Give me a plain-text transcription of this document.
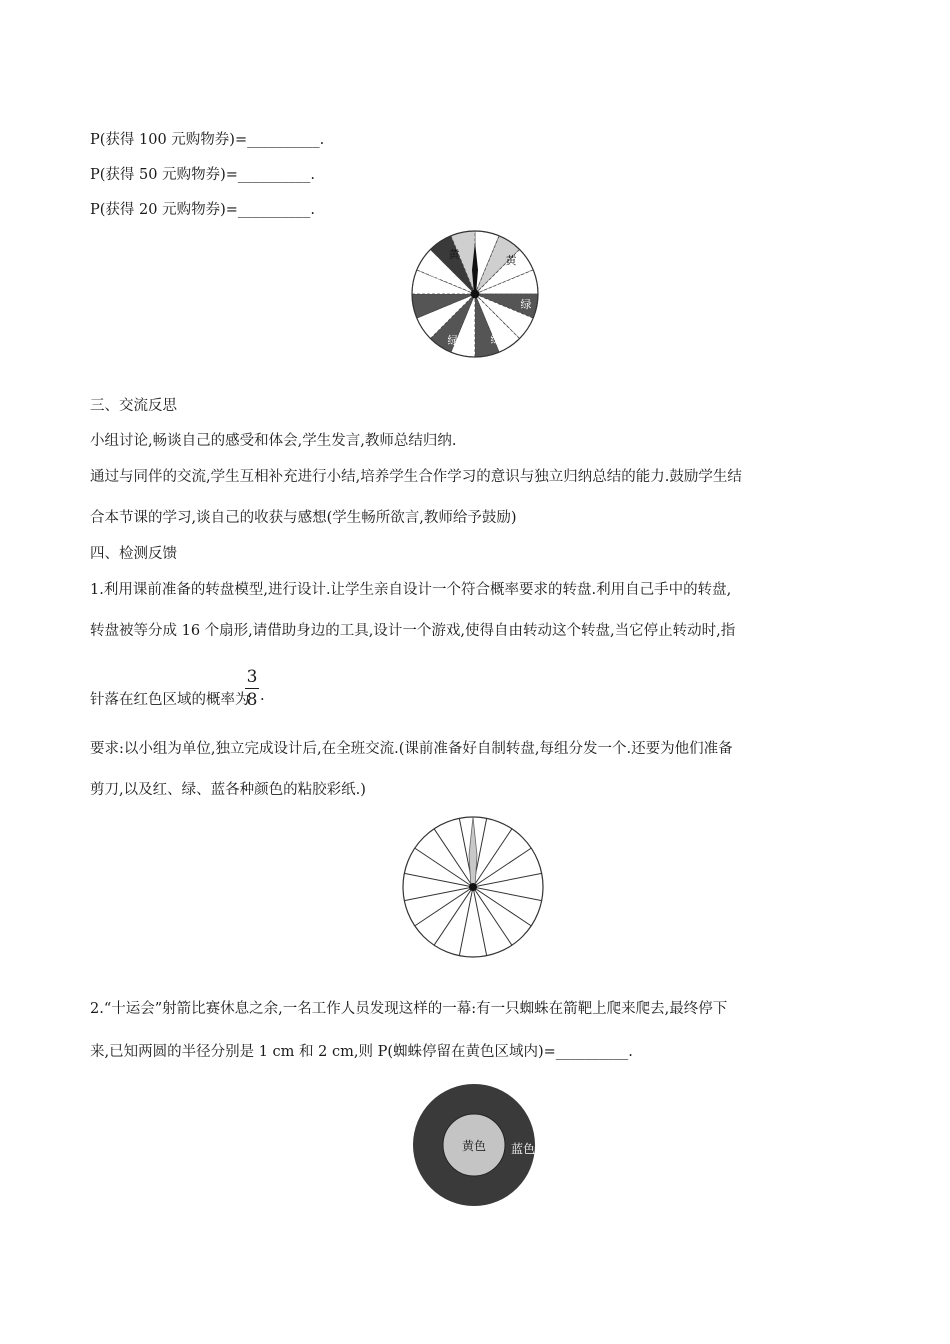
P(获得 100 元购物券)=__________.
P(获得 50 元购物券)=__________.
P(获得 20 元购物券)=__________.
黄	黄
红
绿
绿
绿
绿
三、交流反思
小组讨论,畅谈自己的感受和体会,学生发言,教师总结归纳.
通过与同伴的交流,学生互相补充进行小结,培养学生合作学习的意识与独立归纳总结的能力.鼓励学生结
合本节课的学习,谈自己的收获与感想(学生畅所欲言,教师给予鼓励)
四、检测反馈
1.利用课前准备的转盘模型,进行设计.让学生亲自设计一个符合概率要求的转盘.利用自己手中的转盘,
转盘被等分成 16 个扇形,请借助身边的工具,设计一个游戏,使得自由转动这个转盘,当它停止转动时,指
针落在红色区域的概率为
3
8 .
要求:以小组为单位,独立完成设计后,在全班交流.(课前准备好自制转盘,每组分发一个.还要为他们准备
剪刀,以及红、绿、蓝各种颜色的粘胶彩纸.)
2.“十运会”射箭比赛休息之余,一名工作人员发现这样的一幕:有一只蜘蛛在箭靶上爬来爬去,最终停下
来,已知两圆的半径分别是 1 cm 和 2 cm,则 P(蜘蛛停留在黄色区域内)=__________.
黄色 蓝色
